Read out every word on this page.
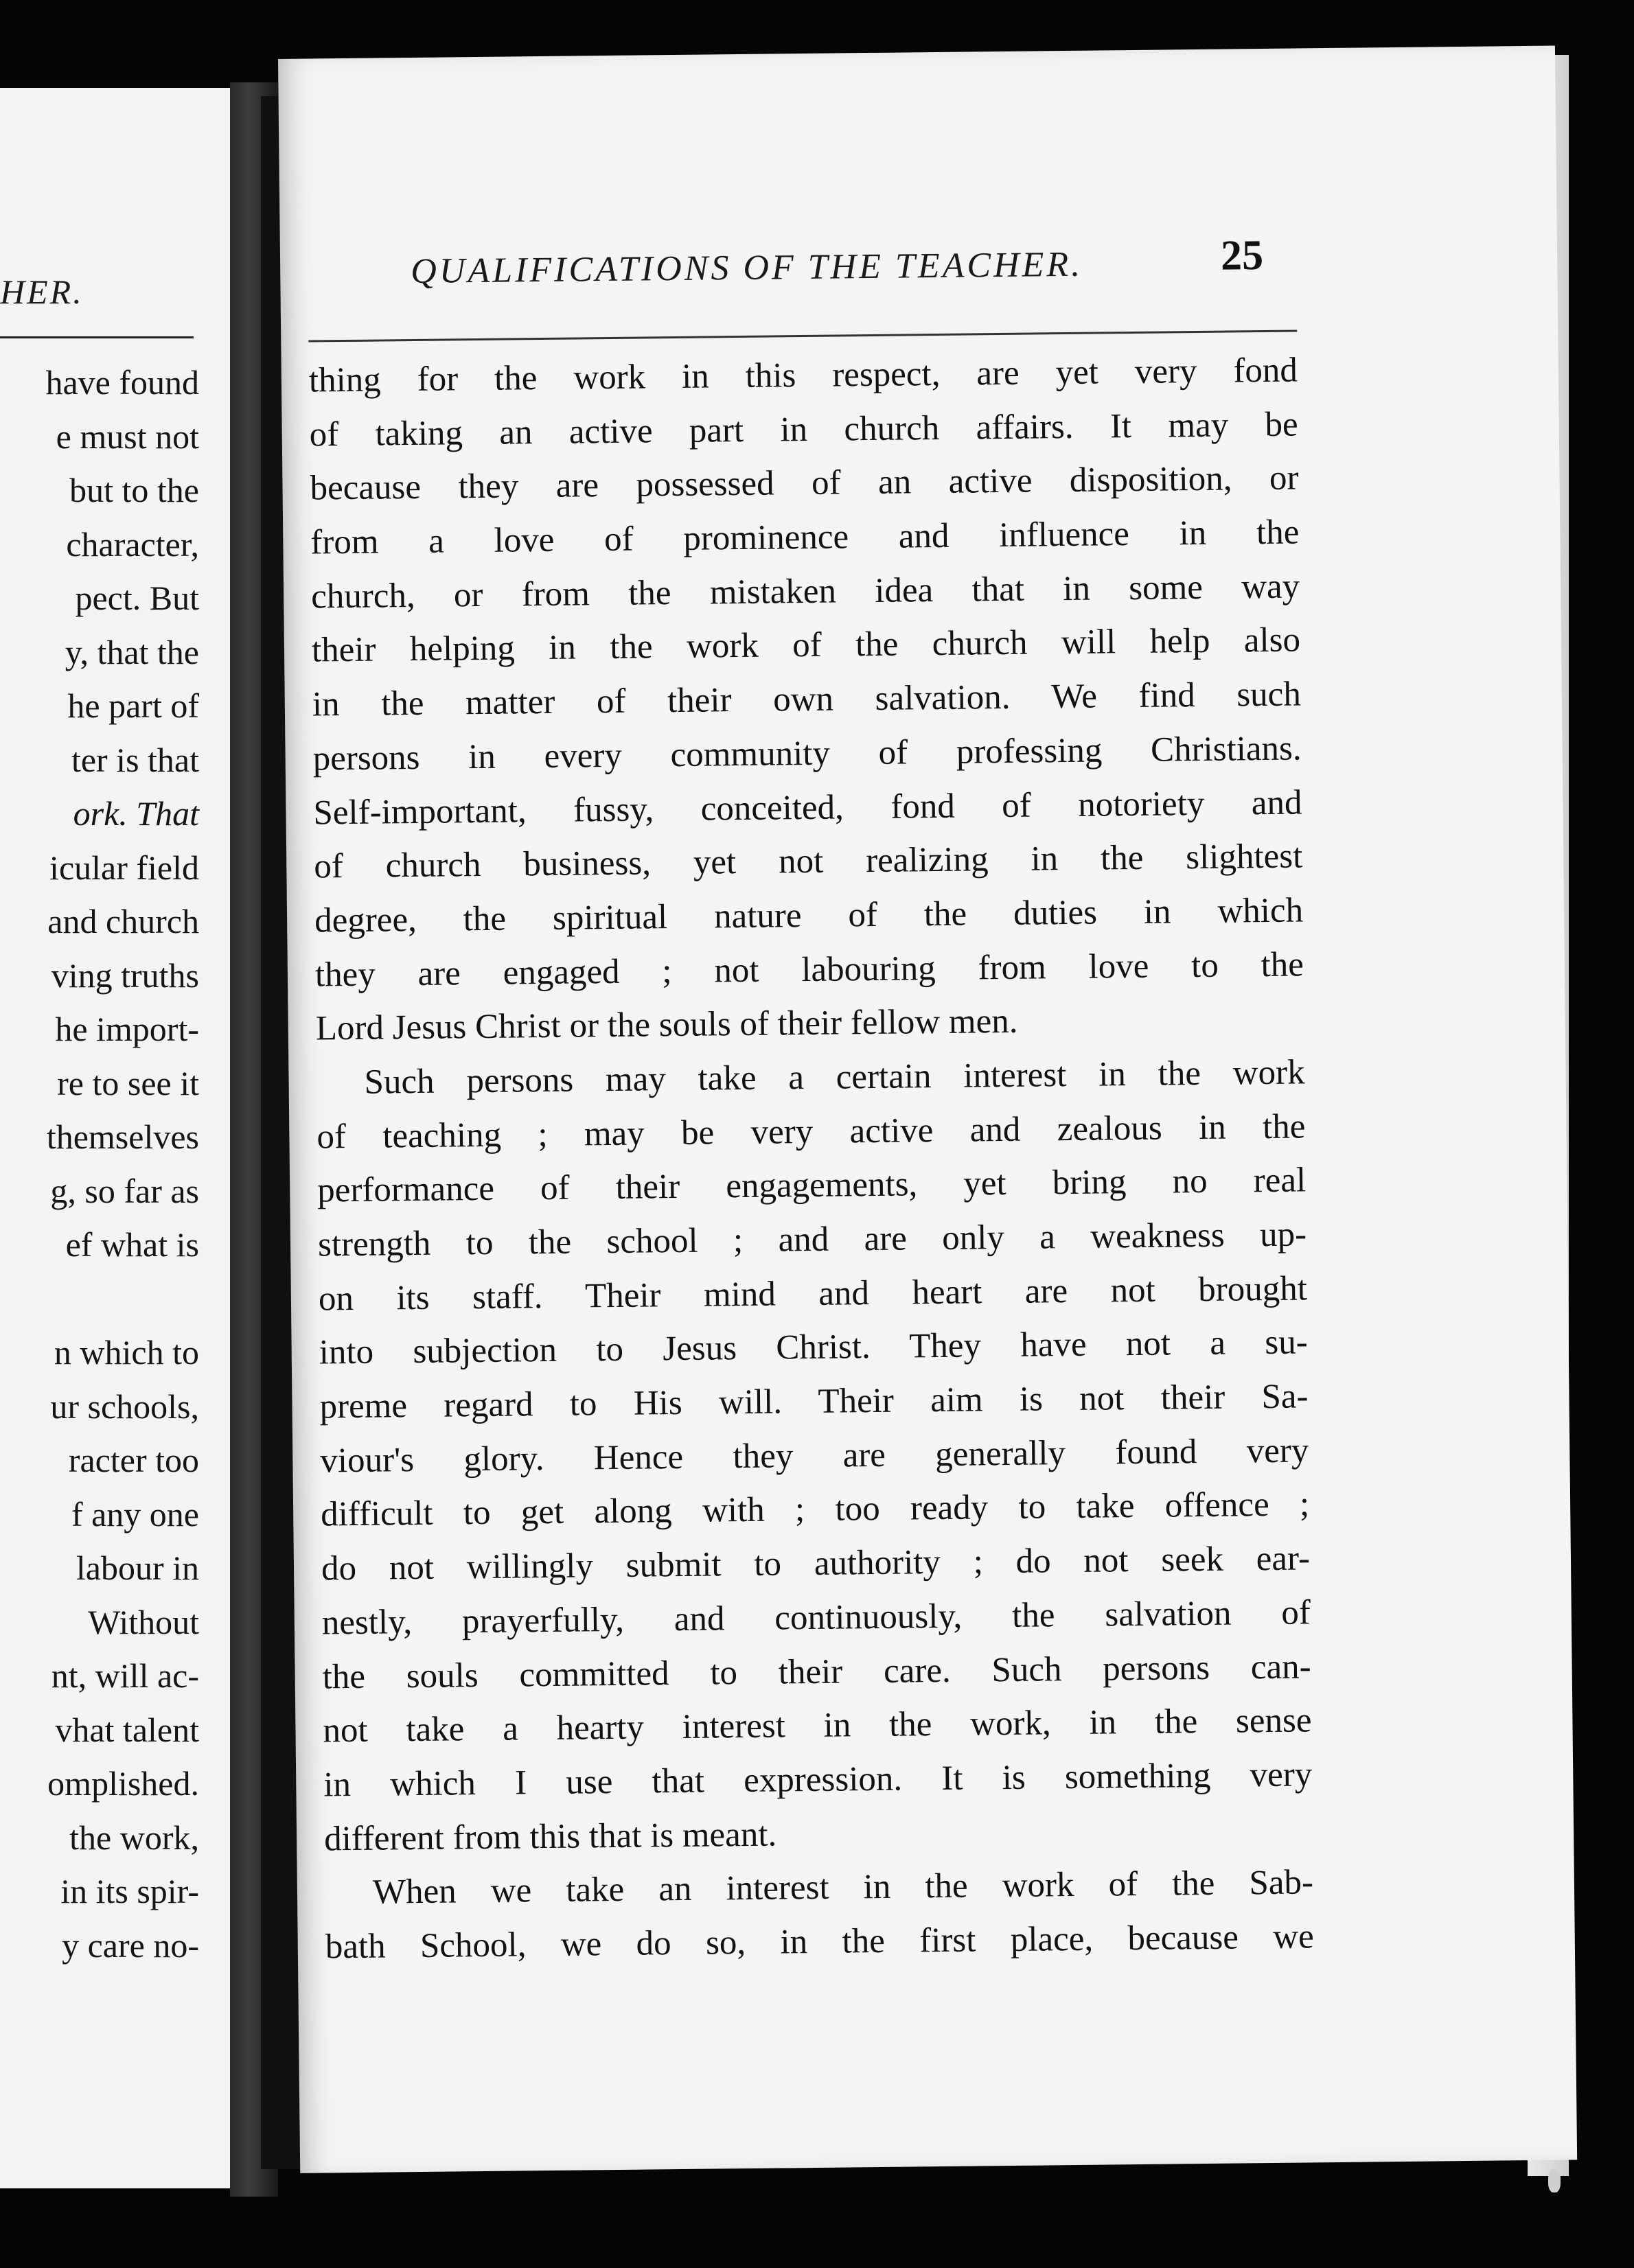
HER.
have found
e must not
but to the
character,
pect. But
y, that the
he part of
ter is that
ork. That
icular field
and church
ving truths
he import-
re to see it
themselves
g, so far as
ef what is
n which to
ur schools,
racter too
f any one
labour in
Without
nt, will ac-
vhat talent
omplished.
the work,
in its spir-
y care no-
QUALIFICATIONS OF THE TEACHER.	25
thing for the work in this respect, are yet very fond
of taking an active part in church affairs. It may be
because they are possessed of an active disposition, or
from a love of prominence and influence in the
church, or from the mistaken idea that in some way
their helping in the work of the church will help also
in the matter of their own salvation. We find such
persons in every community of professing Christians.
Self-important, fussy, conceited, fond of notoriety and
of church business, yet not realizing in the slightest
degree, the spiritual nature of the duties in which
they are engaged ; not labouring from love to the
Lord Jesus Christ or the souls of their fellow men.
Such persons may take a certain interest in the work
of teaching ; may be very active and zealous in the
performance of their engagements, yet bring no real
strength to the school ; and are only a weakness up-
on its staff. Their mind and heart are not brought
into subjection to Jesus Christ. They have not a su-
preme regard to His will. Their aim is not their Sa-
viour's glory. Hence they are generally found very
difficult to get along with ; too ready to take offence ;
do not willingly submit to authority ; do not seek ear-
nestly, prayerfully, and continuously, the salvation of
the souls committed to their care. Such persons can-
not take a hearty interest in the work, in the sense
in which I use that expression. It is something very
different from this that is meant.
When we take an interest in the work of the Sab-
bath School, we do so, in the first place, because we
